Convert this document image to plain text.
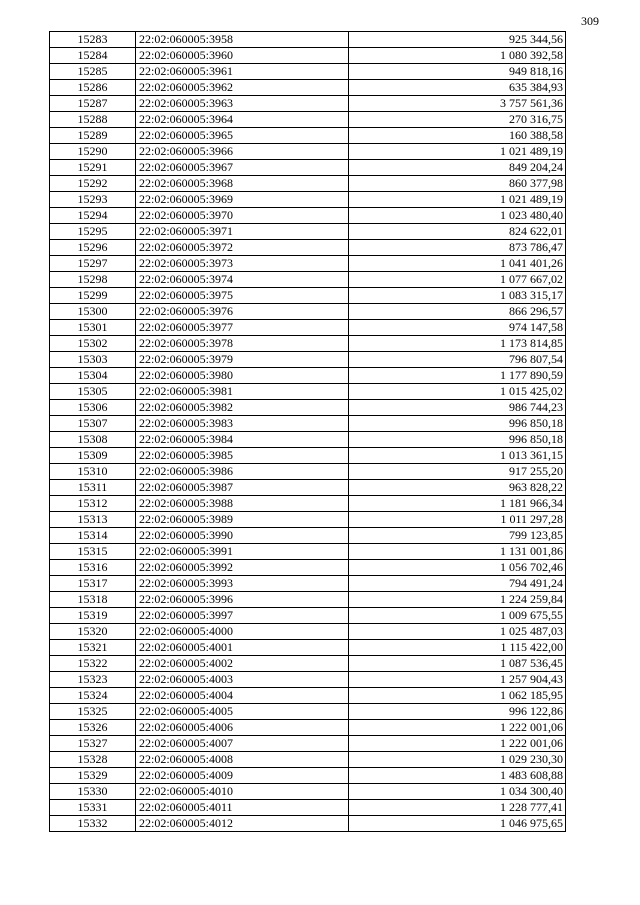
309
15283	22:02:060005:3958	925 344,56
15284	22:02:060005:3960	1 080 392,58
15285	22:02:060005:3961	949 818,16
15286	22:02:060005:3962	635 384,93
15287	22:02:060005:3963	3 757 561,36
15288	22:02:060005:3964	270 316,75
15289	22:02:060005:3965	160 388,58
15290	22:02:060005:3966	1 021 489,19
15291	22:02:060005:3967	849 204,24
15292	22:02:060005:3968	860 377,98
15293	22:02:060005:3969	1 021 489,19
15294	22:02:060005:3970	1 023 480,40
15295	22:02:060005:3971	824 622,01
15296	22:02:060005:3972	873 786,47
15297	22:02:060005:3973	1 041 401,26
15298	22:02:060005:3974	1 077 667,02
15299	22:02:060005:3975	1 083 315,17
15300	22:02:060005:3976	866 296,57
15301	22:02:060005:3977	974 147,58
15302	22:02:060005:3978	1 173 814,85
15303	22:02:060005:3979	796 807,54
15304	22:02:060005:3980	1 177 890,59
15305	22:02:060005:3981	1 015 425,02
15306	22:02:060005:3982	986 744,23
15307	22:02:060005:3983	996 850,18
15308	22:02:060005:3984	996 850,18
15309	22:02:060005:3985	1 013 361,15
15310	22:02:060005:3986	917 255,20
15311	22:02:060005:3987	963 828,22
15312	22:02:060005:3988	1 181 966,34
15313	22:02:060005:3989	1 011 297,28
15314	22:02:060005:3990	799 123,85
15315	22:02:060005:3991	1 131 001,86
15316	22:02:060005:3992	1 056 702,46
15317	22:02:060005:3993	794 491,24
15318	22:02:060005:3996	1 224 259,84
15319	22:02:060005:3997	1 009 675,55
15320	22:02:060005:4000	1 025 487,03
15321	22:02:060005:4001	1 115 422,00
15322	22:02:060005:4002	1 087 536,45
15323	22:02:060005:4003	1 257 904,43
15324	22:02:060005:4004	1 062 185,95
15325	22:02:060005:4005	996 122,86
15326	22:02:060005:4006	1 222 001,06
15327	22:02:060005:4007	1 222 001,06
15328	22:02:060005:4008	1 029 230,30
15329	22:02:060005:4009	1 483 608,88
15330	22:02:060005:4010	1 034 300,40
15331	22:02:060005:4011	1 228 777,41
15332	22:02:060005:4012	1 046 975,65
